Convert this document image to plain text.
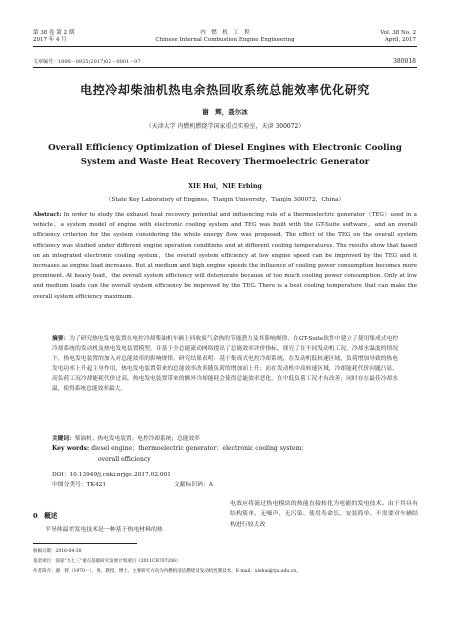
第 38 卷 第 2 期
2017 年 4 月
内　燃　机　工　程
Chinese Internal Combustion Engine Engineering
Vol. 38 No. 2
April, 2017
文章编号：1000－0925(2017)02－0001－07	380018
电控冷却柴油机热电余热回收系统总能效率优化研究
谢　辉，聂尔冰
（天津大学 内燃机燃烧学国家重点实验室，天津 300072）
Overall Efficiency Optimization of Diesel Engines with Electronic Cooling
System and Waste Heat Recovery Thermoelectric Generator
XIE Hui，NIE Erbing
（State Key Laboratory of Engines，Tianjin University，Tianjin 300072，China）
Abstract: In order to study the exhaust heat recovery potential and influencing rule of a thermoelectric generator（TEG）used in a vehicle，a system model of engine with electronic cooling system and TEG was built with the GT-Suite software，and an overall efficiency criterion for the system considering the whole energy flow was proposed. The effect of the TEG on the overall system efficiency was studied under different engine operation conditions and at different cooling temperatures. The results show that based on an integrated electronic cooling system，the overall system efficiency at low engine speed can be improved by the TEG and it increases as engine load increases. But at medium and high engine speeds the influence of cooling power consumption becomes more prominent. At heavy load，the overall system efficiency will deteriorate because of too much cooling power consumption. Only at low and medium loads can the overall system efficiency be improved by the TEG. There is a best cooling temperature that can make the overall system efficiency maximum.
摘要：为了研究热电发电装置在电控冷却柴油机车辆上回收废气余热的节能潜力及其影响规律，在GT-Suite软件中建立了使用集成式电控冷却系统的发动机及热电发电装置模型，并基于全总能流动网络提出了总能效率评价指标，探究了在不同发动机工况、冷却水温度的情况下，热电发电装置的加入对总能效率的影响规律。研究结果表明：基于集成式电控冷却系统，在发动机低转速区域，负荷增加导致的热电发电功率上升起主导作用，热电发电装置带来的总能效率改善随负荷的增加而上升；而在发动机中高转速区域，冷却能耗代价问题凸显，高负荷工况冷却能耗代价过高，热电发电装置带来的额外冷却能耗会使得总能效率恶化，在中低负荷工况才有改善；同时存在最佳冷却水温，使得系统总能效率最大。
关键词：柴油机；热电发电装置；电控冷却系统；总能效率
Key words: diesel engine；thermoelectric generator；electronic cooling system；
overall efficiency
DOI：10.13949/j.cnki.nrjgc.2017.02.001
中图分类号：TK421	文献标识码：A
0　概述
半导体温差发电技术是一种基于热电材料的热
电效应将流过热电模块的热能直接转化为电能的发电技术。由于其具有结构简单、无噪声、无污染、使用寿命长、安装简单、不需要对车辆结构进行较大改
收稿日期：2016-04-30
基金项目：国家"九七三"重点基础研究发展计划项目（2011CB707206）
作者简介：谢　辉（1970－），男，教授，博士，主要研究方向为内燃机清洁燃烧及发动机控制技术，E-mail：xiehui@tju.edu.cn。
